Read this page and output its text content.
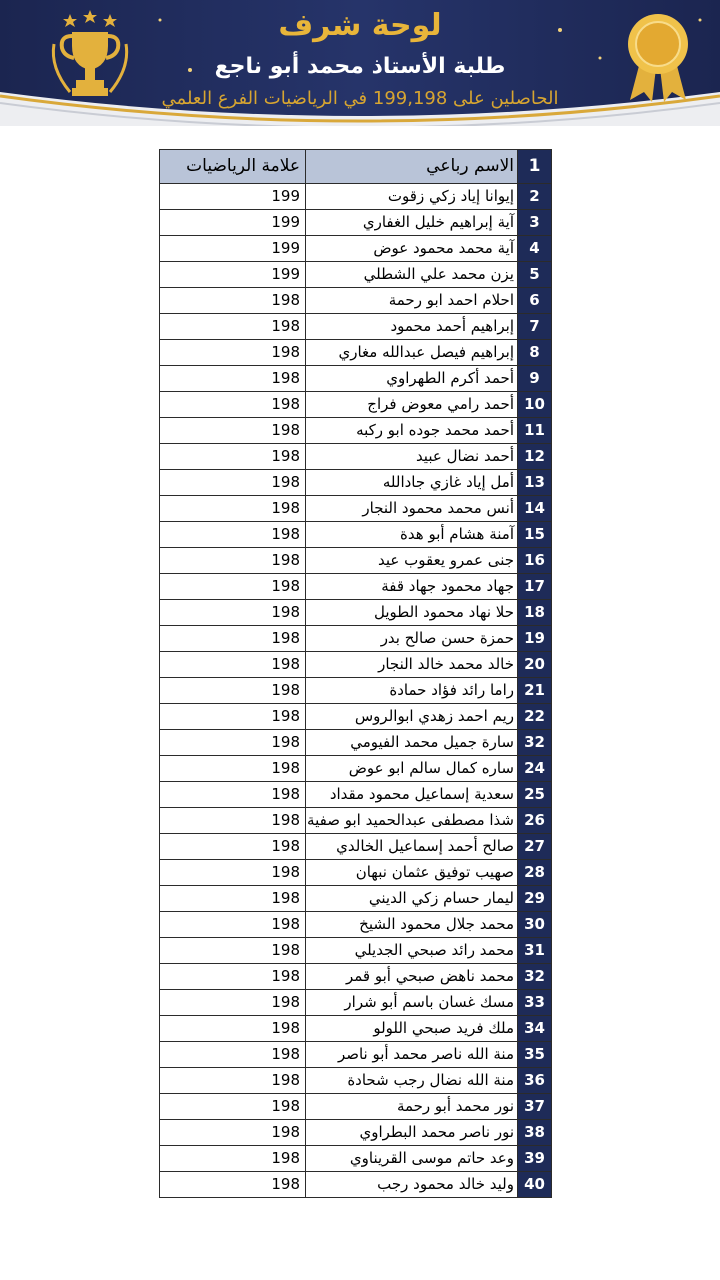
لوحة شرف
طلبة الأستاذ محمد أبو ناجع
الحاصلين على 199,198 في الرياضيات الفرع العلمي
علامة الرياضيات	الاسم رباعي	1
199	إيوانا إياد زكي زقوت	2
199	آية إبراهيم خليل الغفاري	3
199	آية محمد محمود عوض	4
199	يزن محمد علي الشطلي	5
198	احلام احمد ابو رحمة	6
198	إبراهيم أحمد محمود	7
198	إبراهيم فيصل عبدالله مغاري	8
198	أحمد أكرم الطهراوي	9
198	أحمد رامي معوض فراج	10
198	أحمد محمد جوده ابو ركبه	11
198	أحمد نضال عبيد	12
198	أمل إياد غازي جادالله	13
198	أنس محمد محمود النجار	14
198	آمنة هشام أبو هدة	15
198	جنى عمرو يعقوب عيد	16
198	جهاد محمود جهاد قفة	17
198	حلا نهاد محمود الطويل	18
198	حمزة حسن صالح بدر	19
198	خالد محمد خالد النجار	20
198	راما رائد فؤاد حمادة	21
198	ريم احمد زهدي ابوالروس	22
198	سارة جميل محمد الفيومي	32
198	ساره كمال سالم ابو عوض	24
198	سعدية إسماعيل محمود مقداد	25
198	شذا مصطفى عبدالحميد ابو صفية	26
198	صالح أحمد إسماعيل الخالدي	27
198	صهيب توفيق عثمان نبهان	28
198	ليمار حسام زكي الديني	29
198	محمد جلال محمود الشيخ	30
198	محمد رائد صبحي الجديلي	31
198	محمد ناهض صبحي أبو قمر	32
198	مسك غسان باسم أبو شرار	33
198	ملك فريد صبحي اللولو	34
198	منة الله ناصر محمد أبو ناصر	35
198	منة الله نضال رجب شحادة	36
198	نور محمد أبو رحمة	37
198	نور ناصر محمد البطراوي	38
198	وعد حاتم موسى القريناوي	39
198	وليد خالد محمود رجب	40
